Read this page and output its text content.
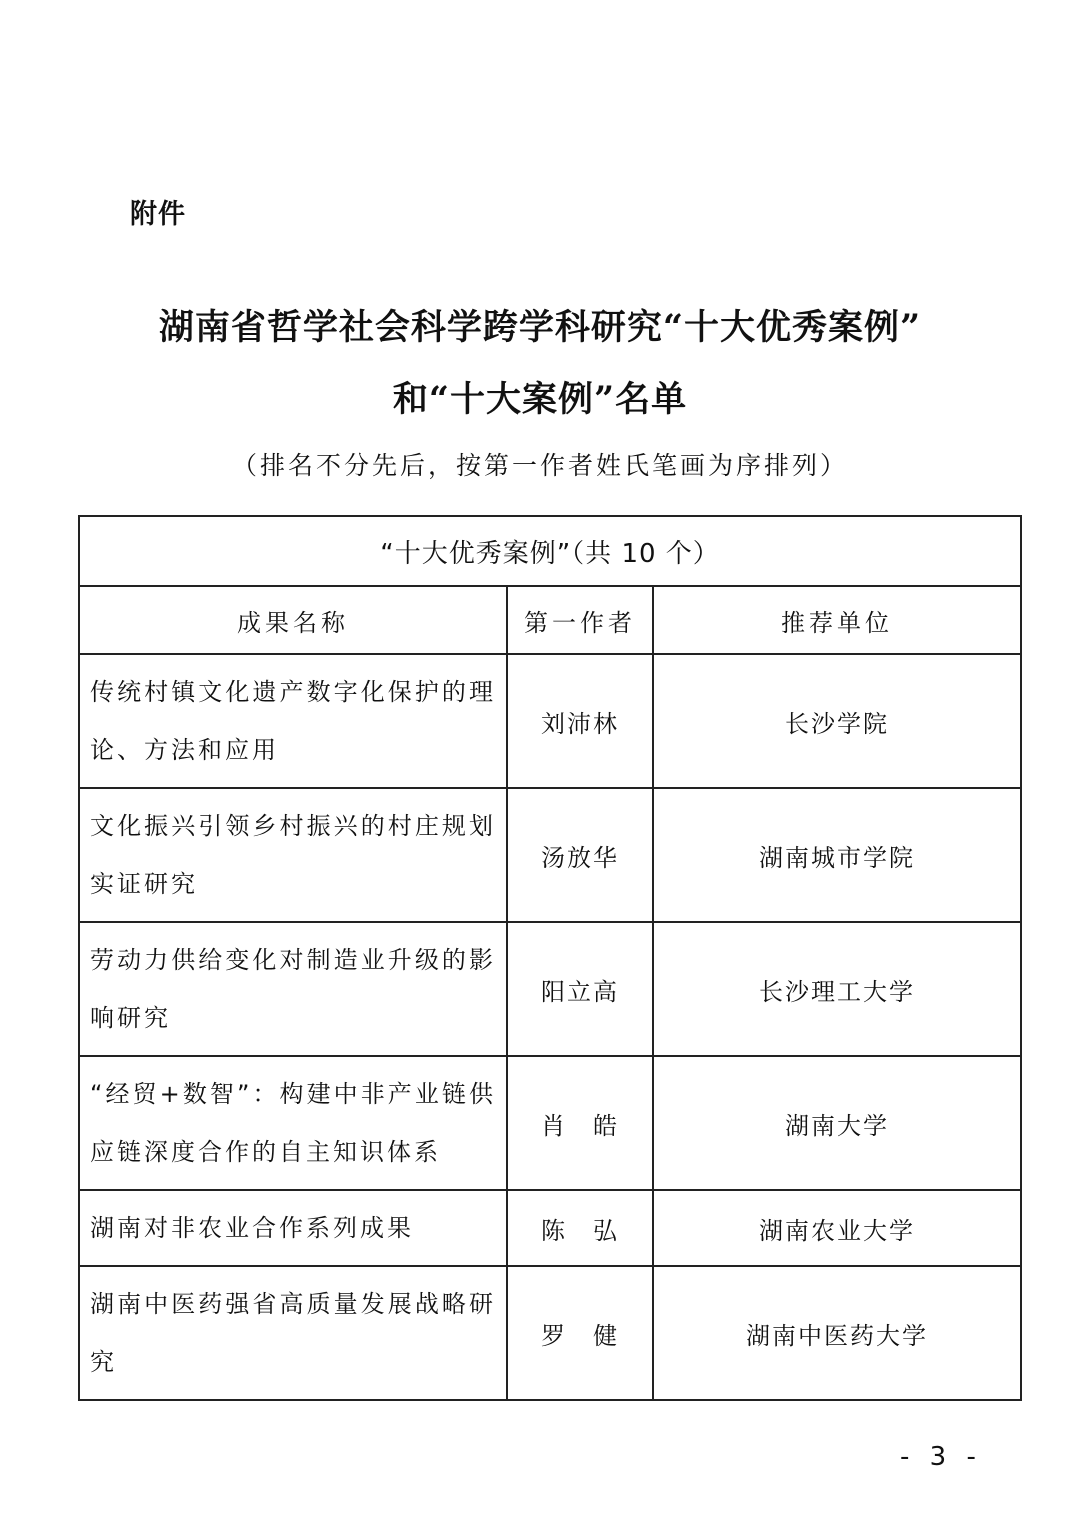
附件
湖南省哲学社会科学跨学科研究“十大优秀案例”
和“十大案例”名单
（排名不分先后，按第一作者姓氏笔画为序排列）
“十大优秀案例”（共 10 个）		
成果名称	第一作者	推荐单位
传统村镇文化遗产数字化保护的理论、方法和应用	刘沛林	长沙学院
文化振兴引领乡村振兴的村庄规划实证研究	汤放华	湖南城市学院
劳动力供给变化对制造业升级的影响研究	阳立高	长沙理工大学
“经贸+数智”：构建中非产业链供应链深度合作的自主知识体系	肖　皓	湖南大学
湖南对非农业合作系列成果	陈　弘	湖南农业大学
湖南中医药强省高质量发展战略研究	罗　健	湖南中医药大学
- 3 -
